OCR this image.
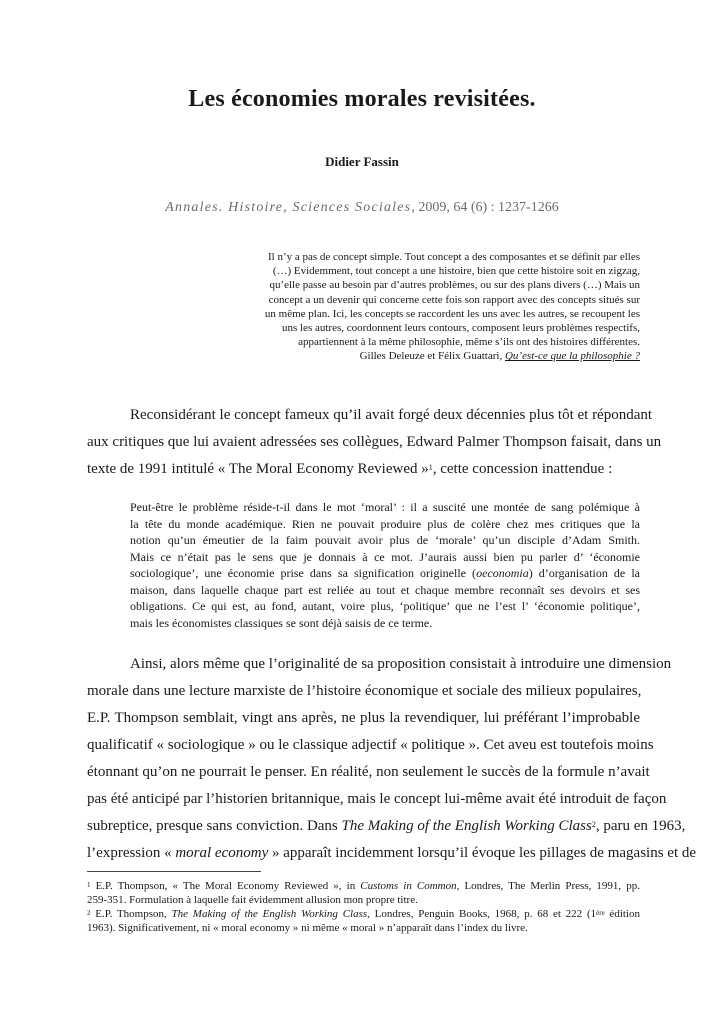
Les économies morales revisitées.
Didier Fassin
Annales. Histoire, Sciences Sociales, 2009, 64 (6) : 1237-1266
Il n’y a pas de concept simple. Tout concept a des composantes et se définit par elles
(…) Evidemment, tout concept a une histoire, bien que cette histoire soit en zigzag,
qu’elle passe au besoin par d’autres problèmes, ou sur des plans divers (…) Mais un
concept a un devenir qui concerne cette fois son rapport avec des concepts situés sur
un même plan. Ici, les concepts se raccordent les uns avec les autres, se recoupent les
uns les autres, coordonnent leurs contours, composent leurs problèmes respectifs,
appartiennent à la même philosophie, même s’ils ont des histoires différentes.
Gilles Deleuze et Félix Guattari, Qu’est-ce que la philosophie ?
Reconsidérant le concept fameux qu’il avait forgé deux décennies plus tôt et répondant
aux critiques que lui avaient adressées ses collègues, Edward Palmer Thompson faisait, dans un
texte de 1991 intitulé « The Moral Economy Reviewed »$^1$, cette concession inattendue :
Peut-être le problème réside-t-il dans le mot ‘moral’ : il a suscité une montée de sang polémique à
la tête du monde académique. Rien ne pouvait produire plus de colère chez mes critiques que la
notion qu’un émeutier de la faim pouvait avoir plus de ‘morale’ qu’un disciple d’Adam Smith.
Mais ce n’était pas le sens que je donnais à ce mot. J’aurais aussi bien pu parler d’ ‘économie
sociologique’, une économie prise dans sa signification originelle (oeconomia) d’organisation de la
maison, dans laquelle chaque part est reliée au tout et chaque membre reconnaît ses devoirs et ses
obligations. Ce qui est, au fond, autant, voire plus, ‘politique’ que ne l’est l’ ‘économie politique’,
mais les économistes classiques se sont déjà saisis de ce terme.
Ainsi, alors même que l’originalité de sa proposition consistait à introduire une dimension
morale dans une lecture marxiste de l’histoire économique et sociale des milieux populaires,
E.P. Thompson semblait, vingt ans après, ne plus la revendiquer, lui préférant l’improbable
qualificatif « sociologique » ou le classique adjectif « politique ». Cet aveu est toutefois moins
étonnant qu’on ne pourrait le penser. En réalité, non seulement le succès de la formule n’avait
pas été anticipé par l’historien britannique, mais le concept lui-même avait été introduit de façon
subreptice, presque sans conviction. Dans The Making of the English Working Class$^2$, paru en 1963,
l’expression « moral economy » apparaît incidemment lorsqu’il évoque les pillages de magasins et de
$^1$ E.P. Thompson, « The Moral Economy Reviewed », in Customs in Common, Londres, The Merlin Press, 1991, pp.
259-351. Formulation à laquelle fait évidemment allusion mon propre titre.
$^2$ E.P. Thompson, The Making of the English Working Class, Londres, Penguin Books, 1968, p. 68 et 222 (1ère édition
1963). Significativement, ni « moral economy » ni même « moral » n’apparaît dans l’index du livre.
